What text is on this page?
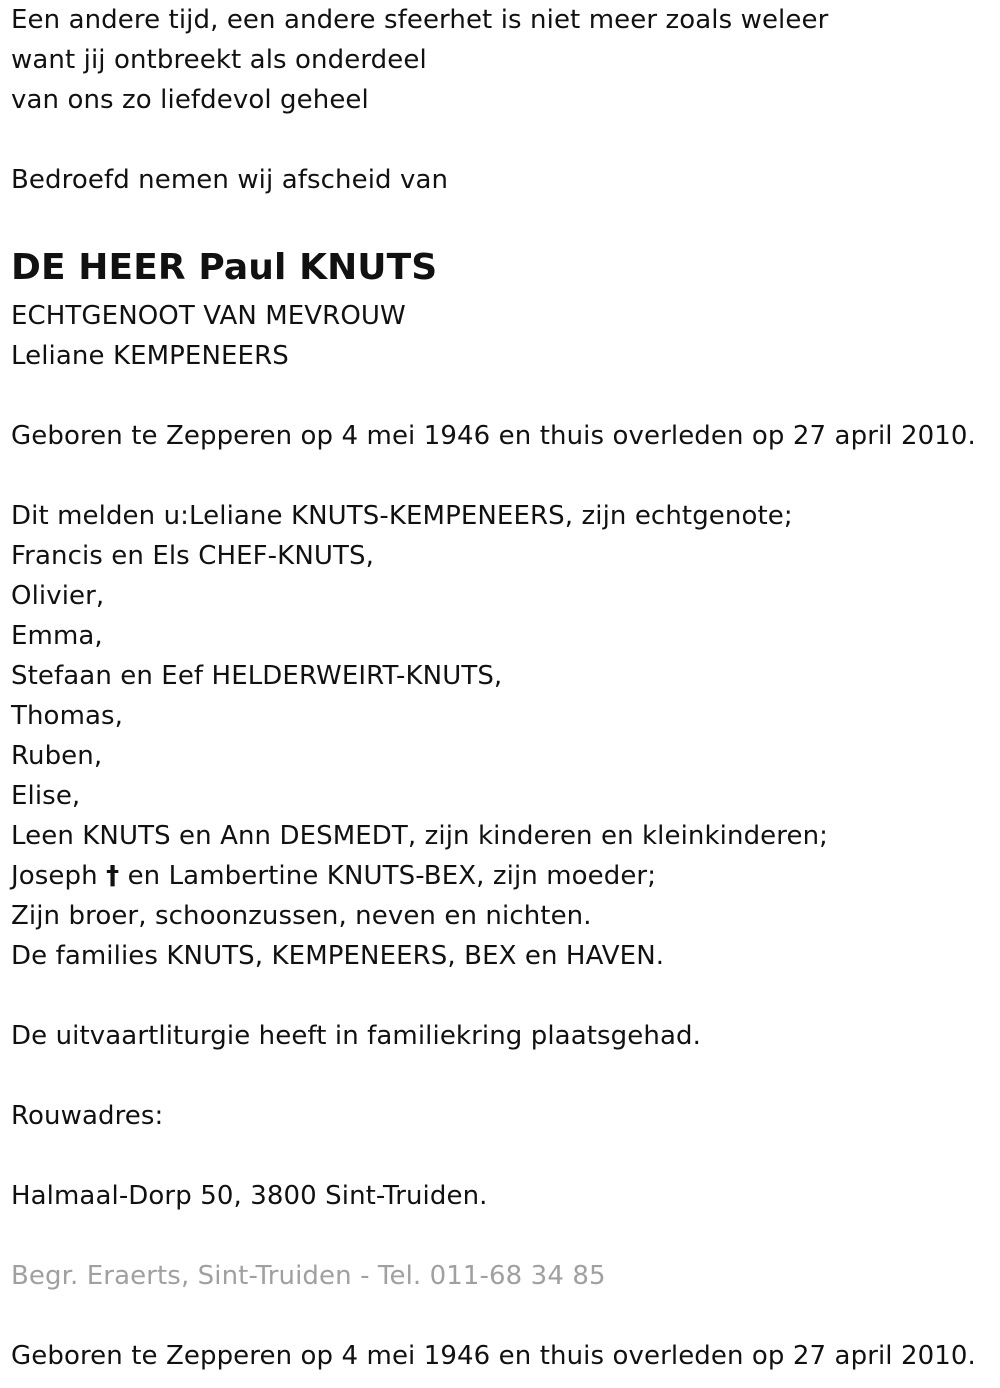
Een andere tijd, een andere sfeerhet is niet meer zoals weleer
want jij ontbreekt als onderdeel
van ons zo liefdevol geheel
Bedroefd nemen wij afscheid van
DE HEER Paul KNUTS
ECHTGENOOT VAN MEVROUW
Leliane KEMPENEERS
Geboren te Zepperen op 4 mei 1946 en thuis overleden op 27 april 2010.
Dit melden u:Leliane KNUTS-KEMPENEERS, zijn echtgenote;
Francis en Els CHEF-KNUTS,
Olivier,
Emma,
Stefaan en Eef HELDERWEIRT-KNUTS,
Thomas,
Ruben,
Elise,
Leen KNUTS en Ann DESMEDT, zijn kinderen en kleinkinderen;
Joseph † en Lambertine KNUTS-BEX, zijn moeder;
Zijn broer, schoonzussen, neven en nichten.
De families KNUTS, KEMPENEERS, BEX en HAVEN.
De uitvaartliturgie heeft in familiekring plaatsgehad.
Rouwadres:
Halmaal-Dorp 50, 3800 Sint-Truiden.
Begr. Eraerts, Sint-Truiden - Tel. 011-68 34 85
Geboren te Zepperen op 4 mei 1946 en thuis overleden op 27 april 2010.
